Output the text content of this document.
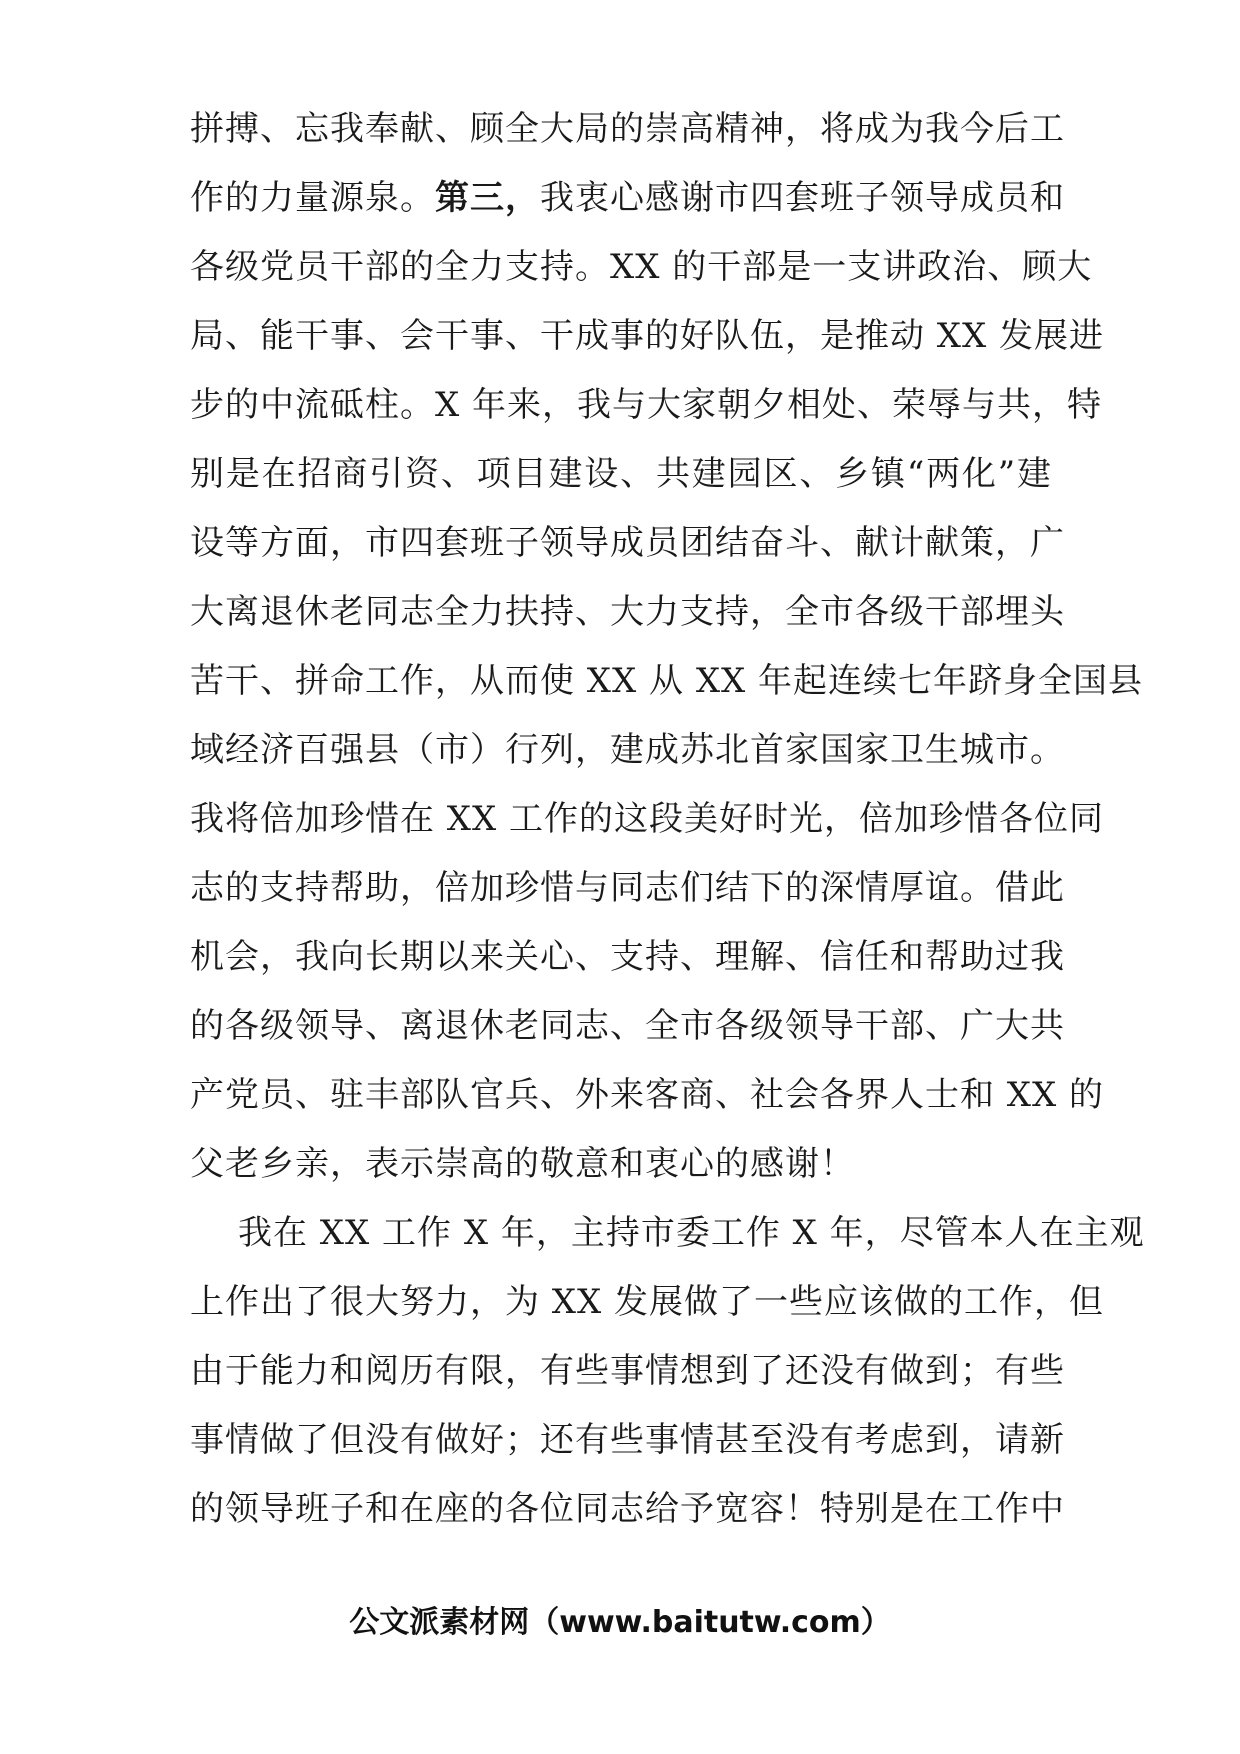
拼搏、忘我奉献、顾全大局的崇高精神，将成为我今后工
作的力量源泉。第三，我衷心感谢市四套班子领导成员和
各级党员干部的全力支持。XX 的干部是一支讲政治、顾大
局、能干事、会干事、干成事的好队伍，是推动 XX 发展进
步的中流砥柱。X 年来，我与大家朝夕相处、荣辱与共，特
别是在招商引资、项目建设、共建园区、乡镇“两化”建
设等方面，市四套班子领导成员团结奋斗、献计献策，广
大离退休老同志全力扶持、大力支持，全市各级干部埋头
苦干、拼命工作，从而使 XX 从 XX 年起连续七年跻身全国县
域经济百强县（市）行列，建成苏北首家国家卫生城市。
我将倍加珍惜在 XX 工作的这段美好时光，倍加珍惜各位同
志的支持帮助，倍加珍惜与同志们结下的深情厚谊。借此
机会，我向长期以来关心、支持、理解、信任和帮助过我
的各级领导、离退休老同志、全市各级领导干部、广大共
产党员、驻丰部队官兵、外来客商、社会各界人士和 XX 的
父老乡亲，表示崇高的敬意和衷心的感谢！
我在 XX 工作 X 年，主持市委工作 X 年，尽管本人在主观
上作出了很大努力，为 XX 发展做了一些应该做的工作，但
由于能力和阅历有限，有些事情想到了还没有做到；有些
事情做了但没有做好；还有些事情甚至没有考虑到，请新
的领导班子和在座的各位同志给予宽容！特别是在工作中
公文派素材网（www.baitutw.com）
